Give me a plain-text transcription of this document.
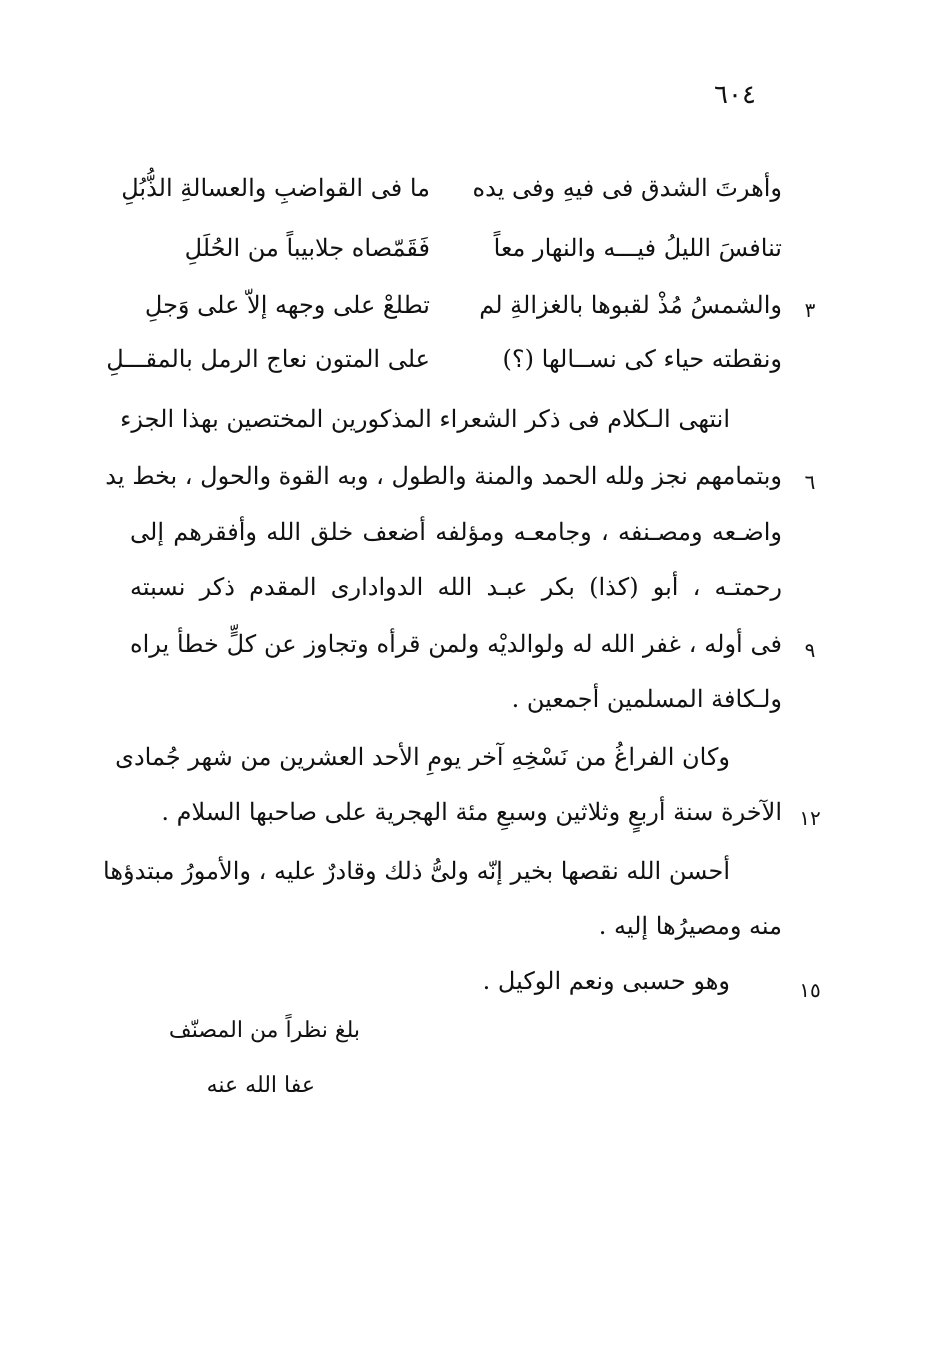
٦٠٤
وأهرتَ الشدق فى فيهِ وفى يده
ما فى القواضبِ والعسالةِ الذُّبُلِ
تنافسَ الليلُ فيـــه والنهار معاً
فَقَمّصاه جلابيباً من الحُلَلِ
٣
والشمسُ مُذْ لقبوها بالغزالةِ لم
تطلعْ على وجهه إلاّ على وَجلِ
ونقطته حياء كى نســالها (؟)
على المتون نعاج الرمل بالمقـــلِ
انتهى الـكلام فى ذكر الشعراء المذكورين المختصين بهذا الجزء
٦
وبتمامهم نجز ولله الحمد والمنة والطول ، وبه القوة والحول ، بخط يد
واضـعه ومصـنفه ، وجامعـه ومؤلفه أضعف خلق الله وأفقرهم إلى
رحمتـه ، أبو (كذا) بكر عبـد الله الدوادارى المقدم ذكر نسبته
٩
فى أوله ، غفر الله له ولوالديْه ولمن قرأه وتجاوز عن كلٍّ خطأ يراه
ولـكافة المسلمين أجمعين .
وكان الفراغُ من نَسْخِهِ آخر يومِ الأحد العشرين من شهر جُمادى
١٢
الآخرة سنة أربعٍ وثلاثين وسبعِ مئة الهجرية على صاحبها السلام .
أحسن الله نقصها بخير إنّه ولىُّ ذلك وقادرٌ عليه ، والأمورُ مبتدؤها
منه ومصيرُها إليه .
١٥
وهو حسبى ونعم الوكيل .
بلغ نظراً من المصنّف
عفا الله عنه
